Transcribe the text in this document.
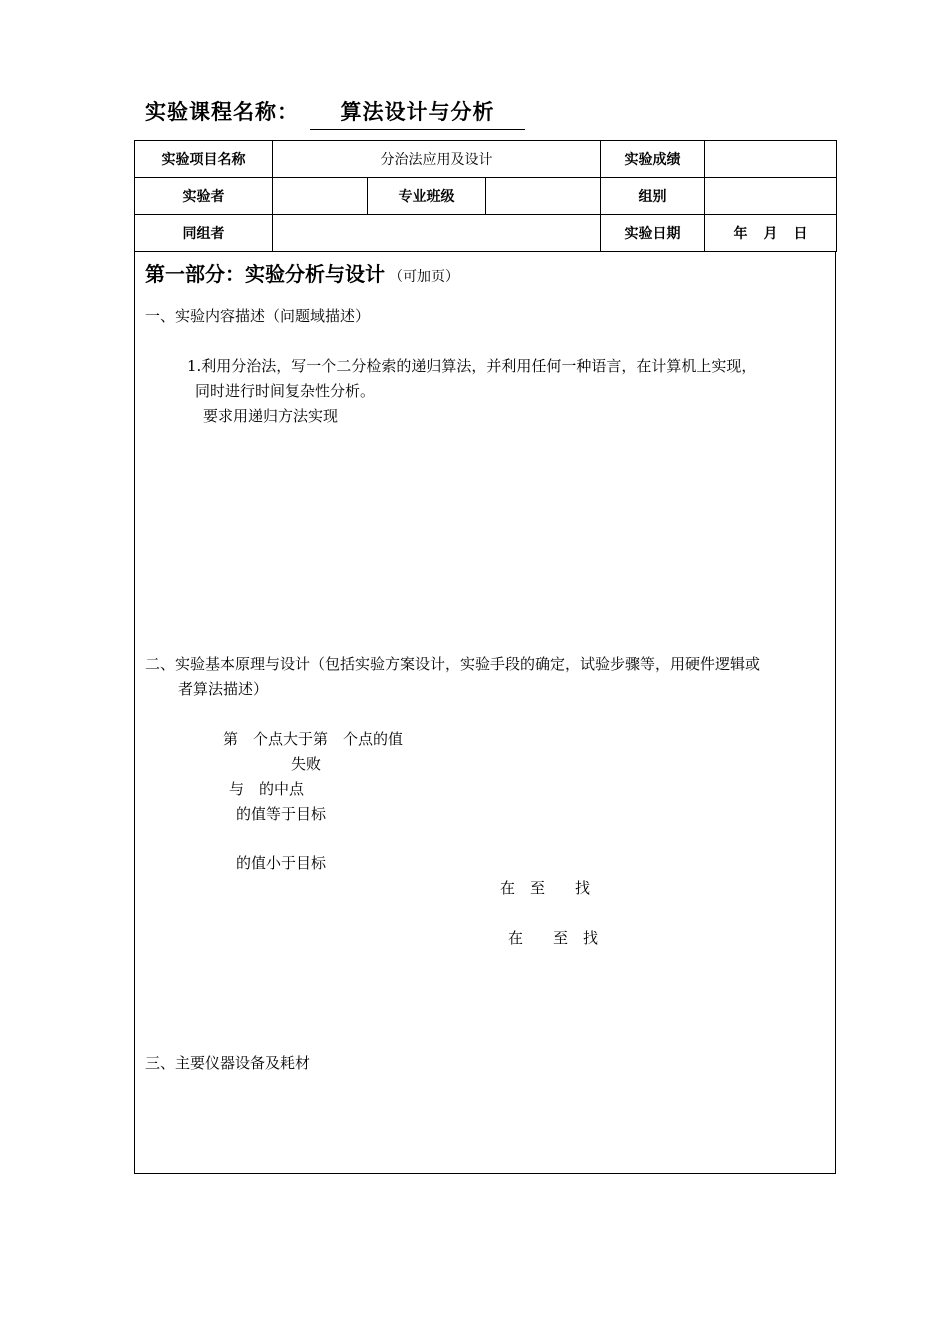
实验课程名称：	算法设计与分析
实验项目名称	分治法应用及设计			实验成绩	
实验者		专业班级		组别	
同组者				实验日期	年 月 日
第一部分：实验分析与设计 （可加页）
一、实验内容描述（问题域描述）
1.利用分治法，写一个二分检索的递归算法，并利用任何一种语言，在计算机上实现，
同时进行时间复杂性分析。
要求用递归方法实现
二、实验基本原理与设计（包括实验方案设计，实验手段的确定，试验步骤等，用硬件逻辑或
者算法描述）
第　个点大于第　个点的值
失败
与　的中点
的值等于目标
的值小于目标
在　至　　找
在　　至　找
三、主要仪器设备及耗材
